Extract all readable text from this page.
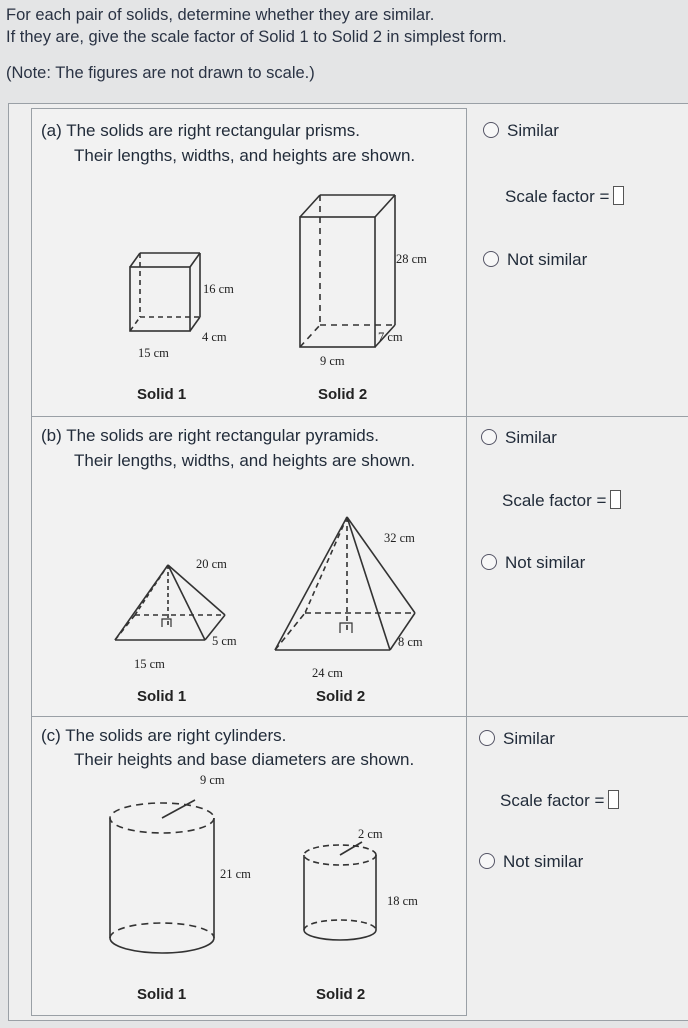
For each pair of solids, determine whether they are similar.
If they are, give the scale factor of Solid 1 to Solid 2 in simplest form.
(Note: The figures are not drawn to scale.)
(a) The solids are right rectangular prisms.
Their lengths, widths, and heights are shown.
16 cm
4 cm
15 cm
28 cm
7 cm
9 cm
Solid 1	Solid 2
Similar
Scale factor =
Not similar
(b) The solids are right rectangular pyramids.
Their lengths, widths, and heights are shown.
20 cm
5 cm
15 cm
32 cm
8 cm
24 cm
Solid 1	Solid 2
Similar
Scale factor =
Not similar
(c) The solids are right cylinders.
Their heights and base diameters are shown.
9 cm
21 cm
2 cm
18 cm
Solid 1	Solid 2
Similar
Scale factor =
Not similar
